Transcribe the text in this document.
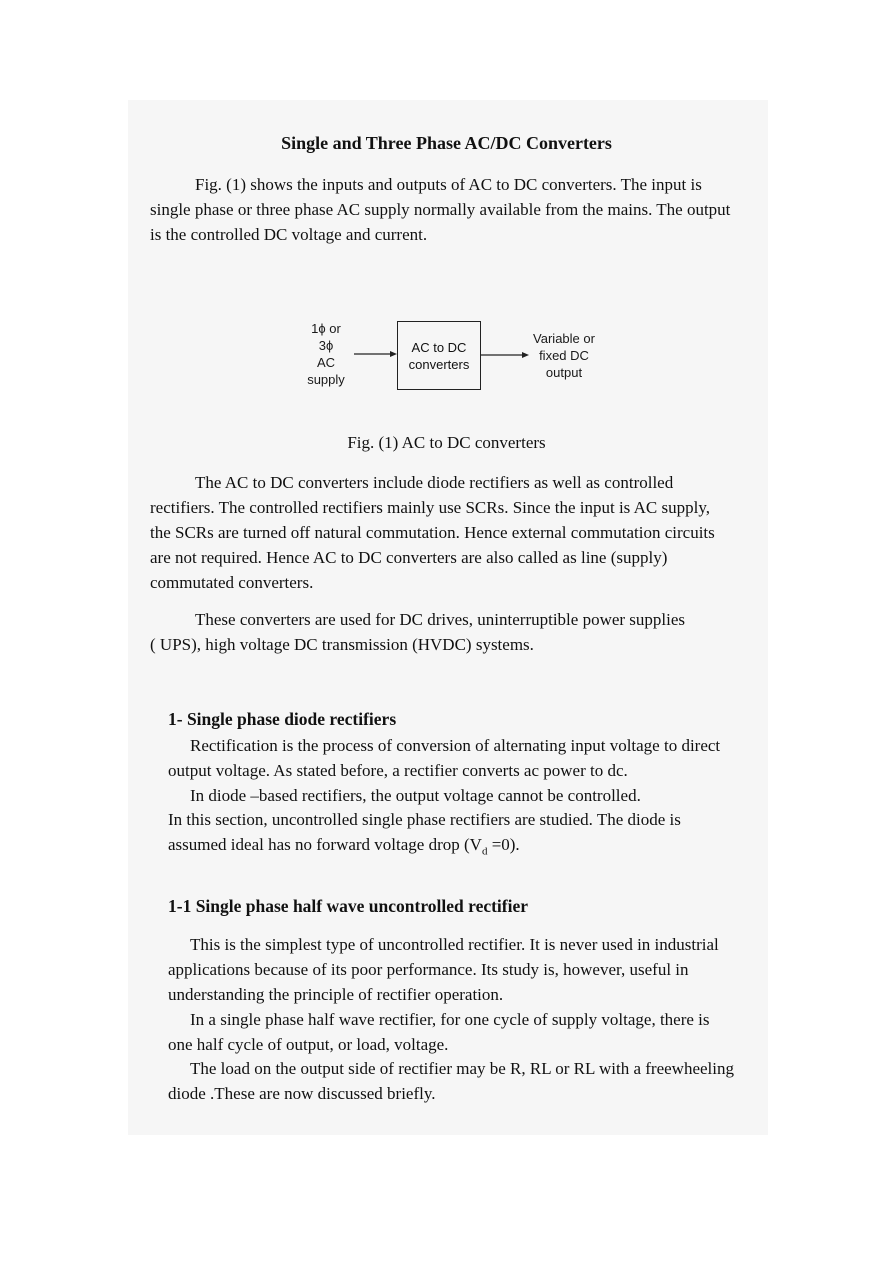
Single and Three Phase AC/DC Converters
Fig. (1) shows the inputs and outputs of AC to DC converters. The input is
single phase or three phase AC supply normally available from the mains. The output
is the controlled DC voltage and current.
1ϕ or
3ϕ
AC
supply
AC to DC
converters
Variable or
fixed DC
output
Fig. (1) AC to DC converters
The AC to DC converters include diode rectifiers as well as controlled
rectifiers. The controlled rectifiers mainly use SCRs. Since the input is AC supply,
the SCRs are turned off natural commutation. Hence external commutation circuits
are not required. Hence AC to DC converters are also called as line (supply)
commutated converters.
These converters are used for DC drives, uninterruptible power supplies
( UPS), high voltage DC transmission (HVDC) systems.
1- Single phase diode rectifiers
Rectification is the process of conversion of alternating input voltage to direct
output voltage. As stated before, a rectifier converts ac power to dc.
In diode –based rectifiers, the output voltage cannot be controlled.
In this section, uncontrolled single phase rectifiers are studied. The diode is
assumed ideal has no forward voltage drop $(V_d =0)$.
1-1 Single phase half wave uncontrolled rectifier
This is the simplest type of uncontrolled rectifier. It is never used in industrial
applications because of its poor performance. Its study is, however, useful in
understanding the principle of rectifier operation.
In a single phase half wave rectifier, for one cycle of supply voltage, there is
one half cycle of output, or load, voltage.
The load on the output side of rectifier may be R, RL or RL with a freewheeling
diode .These are now discussed briefly.
